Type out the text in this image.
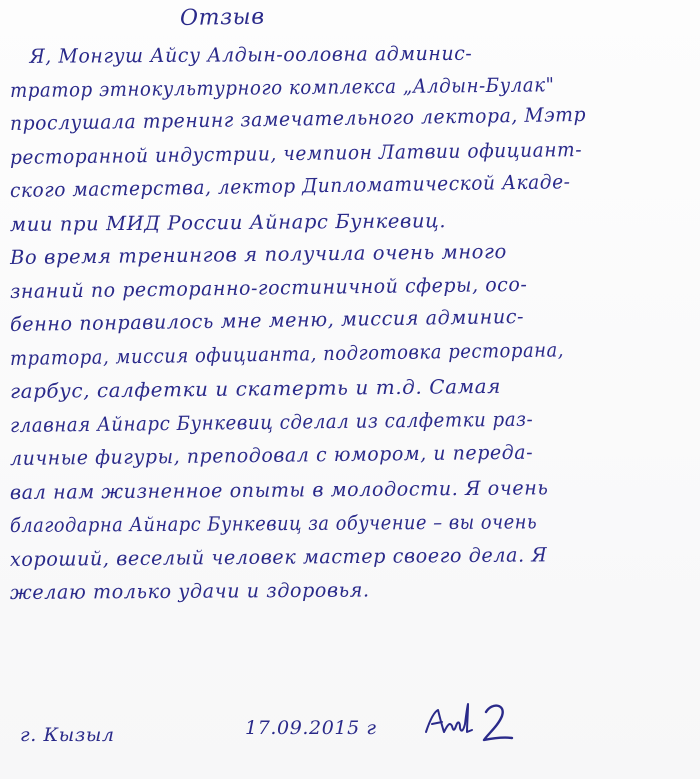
Отзыв
Я, Монгуш Айсу Алдын-ооловна админис-
тратор этнокультурного комплекса „Алдын-Булак"
прослушала тренинг замечательного лектора, Мэтр
ресторанной индустрии, чемпион Латвии официант-
ского мастерства, лектор Дипломатической Акаде-
мии при МИД России Айнарс Бункевиц.
Во время тренингов я получила очень много
знаний по ресторанно-гостиничной сферы, осо-
бенно понравилось мне меню, миссия админис-
тратора, миссия официанта, подготовка ресторана,
гарбус, салфетки и скатерть и т.д. Самая
главная Айнарс Бункевиц сделал из салфетки раз-
личные фигуры, преподовал с юмором, и переда-
вал нам жизненное опыты в молодости. Я очень
благодарна Айнарс Бункевиц за обучение – вы очень
хороший, веселый человек мастер своего дела. Я
желаю только удачи и здоровья.
г. Кызыл	17.09.2015 г
